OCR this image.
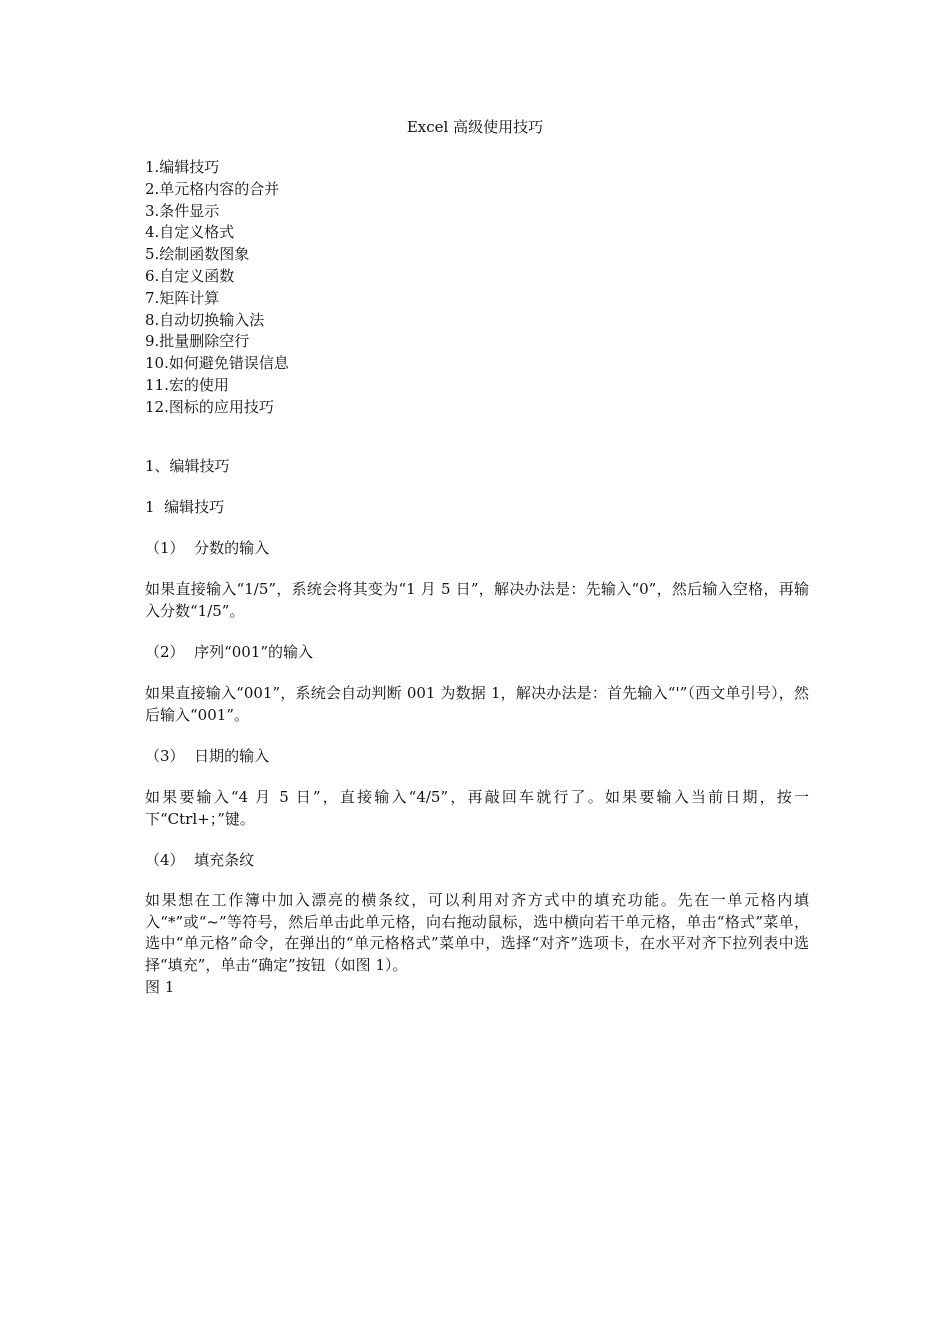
Excel 高级使用技巧
1.编辑技巧
2.单元格内容的合并
3.条件显示
4.自定义格式
5.绘制函数图象
6.自定义函数
7.矩阵计算
8.自动切换输入法
9.批量删除空行
10.如何避免错误信息
11.宏的使用
12.图标的应用技巧
1、编辑技巧
1  编辑技巧
（1）  分数的输入
如果直接输入“1/5”，系统会将其变为“1 月 5 日”，解决办法是：先输入“0”，然后输入空格，再输入分数“1/5”。
（2）  序列“001”的输入
如果直接输入“001”，系统会自动判断 001 为数据 1，解决办法是：首先输入“'”（西文单引号），然后输入“001”。
（3）  日期的输入
如果要输入“4 月 5 日”，直接输入“4/5”，再敲回车就行了。如果要输入当前日期，按一下“Ctrl+；”键。
（4）  填充条纹
如果想在工作簿中加入漂亮的横条纹，可以利用对齐方式中的填充功能。先在一单元格内填入“*”或“~”等符号，然后单击此单元格，向右拖动鼠标，选中横向若干单元格，单击“格式”菜单，选中“单元格”命令，在弹出的“单元格格式”菜单中，选择“对齐”选项卡，在水平对齐下拉列表中选择“填充”，单击“确定”按钮（如图 1）。
图 1
